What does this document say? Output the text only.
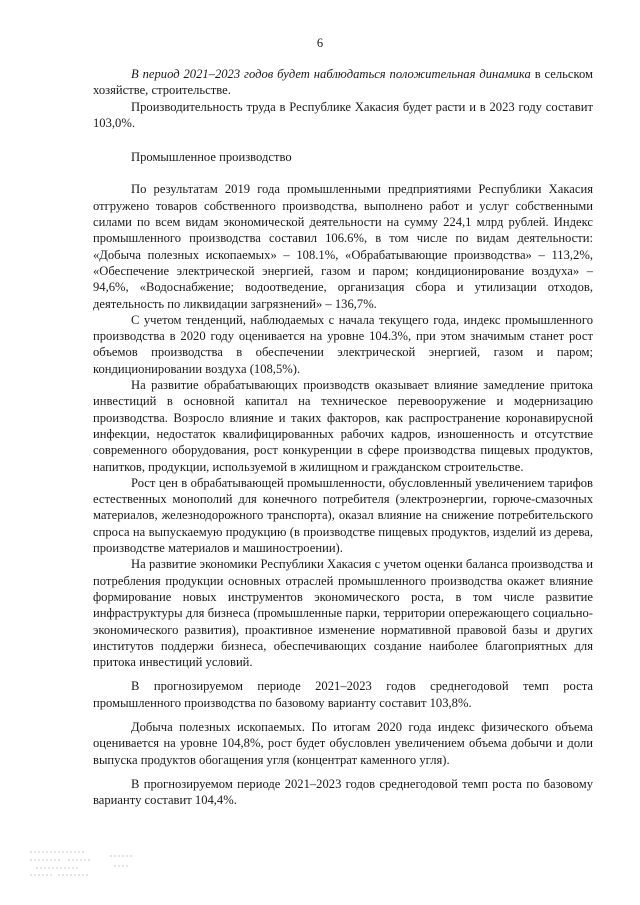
6

В период 2021–2023 годов будет наблюдаться положительная динамика в сельском хозяйстве, строительстве.

Производительность труда в Республике Хакасия будет расти и в 2023 году составит 103,0%.

Промышленное производство

По результатам 2019 года промышленными предприятиями Республики Хакасия отгружено товаров собственного производства, выполнено работ и услуг собственными силами по всем видам экономической деятельности на сумму 224,1 млрд рублей. Индекс промышленного производства составил 106.6%, в том числе по видам деятельности: «Добыча полезных ископаемых» – 108.1%, «Обрабатывающие производства» – 113,2%, «Обеспечение электрической энергией, газом и паром; кондиционирование воздуха» – 94,6%, «Водоснабжение; водоотведение, организация сбора и утилизации отходов, деятельность по ликвидации загрязнений» – 136,7%.

С учетом тенденций, наблюдаемых с начала текущего года, индекс промышленного производства в 2020 году оценивается на уровне 104.3%, при этом значимым станет рост объемов производства в обеспечении электрической энергией, газом и паром; кондиционировании воздуха (108,5%).

На развитие обрабатывающих производств оказывает влияние замедление притока инвестиций в основной капитал на техническое перевооружение и модернизацию производства. Возросло влияние и таких факторов, как распространение коронавирусной инфекции, недостаток квалифицированных рабочих кадров, изношенность и отсутствие современного оборудования, рост конкуренции в сфере производства пищевых продуктов, напитков, продукции, используемой в жилищном и гражданском строительстве.

Рост цен в обрабатывающей промышленности, обусловленный увеличением тарифов естественных монополий для конечного потребителя (электроэнергии, горюче-смазочных материалов, железнодорожного транспорта), оказал влияние на снижение потребительского спроса на выпускаемую продукцию (в производстве пищевых продуктов, изделий из дерева, производстве материалов и машиностроении).

На развитие экономики Республики Хакасия с учетом оценки баланса производства и потребления продукции основных отраслей промышленного производства окажет влияние формирование новых инструментов экономического роста, в том числе развитие инфраструктуры для бизнеса (промышленные парки, территории опережающего социально-экономического развития), проактивное изменение нормативной правовой базы и других институтов поддержи бизнеса, обеспечивающих создание наиболее благоприятных для притока инвестиций условий.

В прогнозируемом периоде 2021–2023 годов среднегодовой темп роста промышленного производства по базовому варианту составит 103,8%.

Добыча полезных ископаемых. По итогам 2020 года индекс физического объема оценивается на уровне 104,8%, рост будет обусловлен увеличением объема добычи и доли выпуска продуктов обогащения угля (концентрат каменного угля).

В прогнозируемом периоде 2021–2023 годов среднегодовой темп роста по базовому варианту составит 104,4%.
